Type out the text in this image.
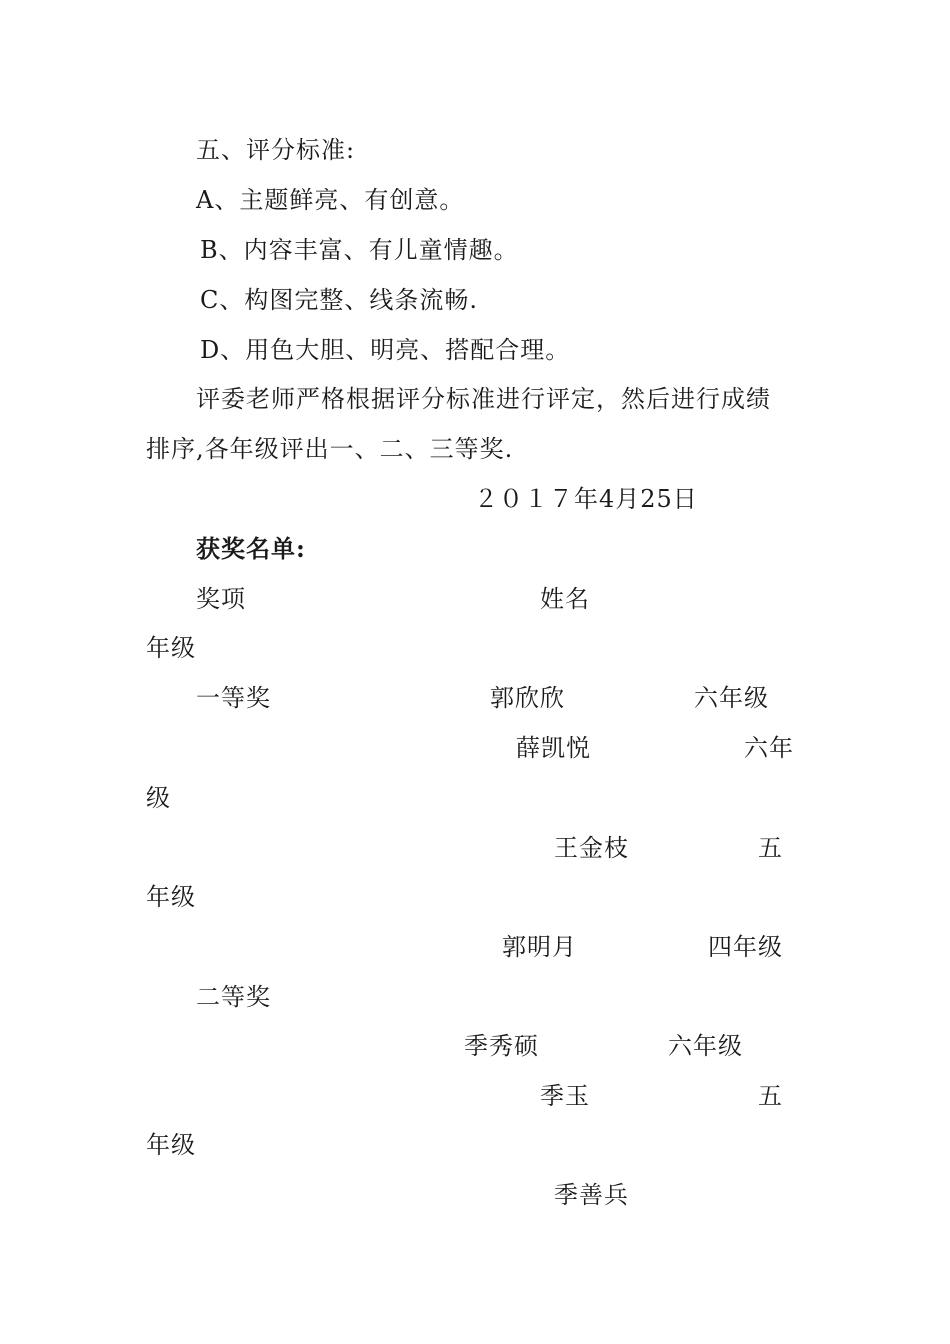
五、评分标准:
A、主题鲜亮、有创意。
B、内容丰富、有儿童情趣。
C、构图完整、线条流畅.
D、用色大胆、明亮、搭配合理。
评委老师严格根据评分标准进行评定，然后进行成绩
排序,各年级评出一、二、三等奖.
２０１７年4月25日
获奖名单:
奖项	姓名
年级
一等奖	郭欣欣	六年级
薛凯悦	六年
级
王金枝	五
年级
郭明月	四年级
二等奖
季秀硕	六年级
季玉	五
年级
季善兵
